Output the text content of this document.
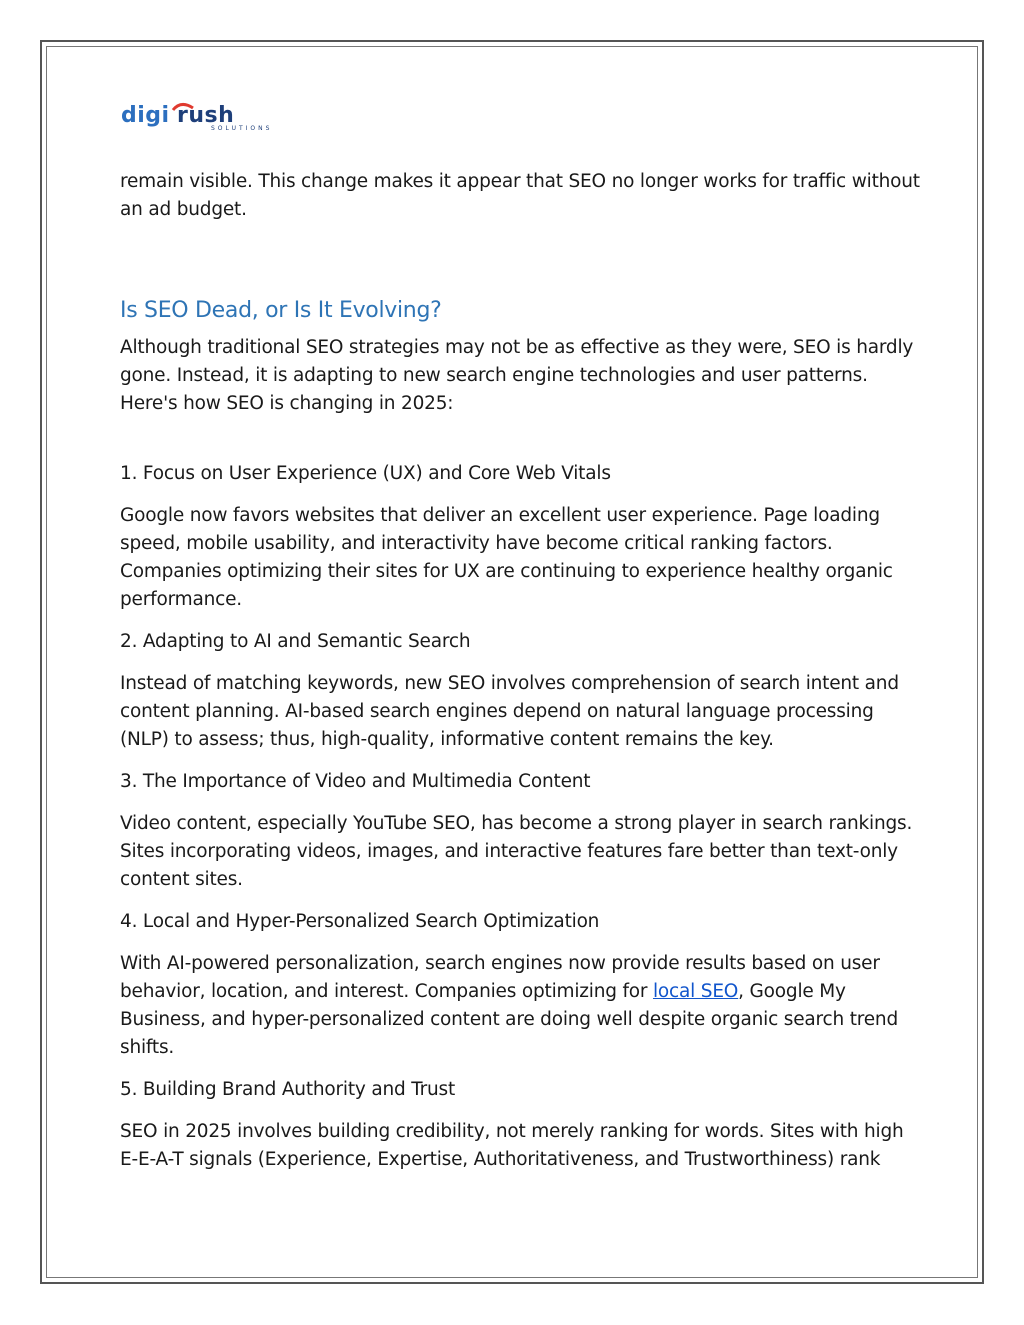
digi rush
SOLUTIONS

remain visible. This change makes it appear that SEO no longer works for traffic without an ad budget.

Is SEO Dead, or Is It Evolving?

Although traditional SEO strategies may not be as effective as they were, SEO is hardly gone. Instead, it is adapting to new search engine technologies and user patterns. Here's how SEO is changing in 2025:

1. Focus on User Experience (UX) and Core Web Vitals

Google now favors websites that deliver an excellent user experience. Page loading speed, mobile usability, and interactivity have become critical ranking factors. Companies optimizing their sites for UX are continuing to experience healthy organic performance.

2. Adapting to AI and Semantic Search

Instead of matching keywords, new SEO involves comprehension of search intent and content planning. AI-based search engines depend on natural language processing (NLP) to assess; thus, high-quality, informative content remains the key.

3. The Importance of Video and Multimedia Content

Video content, especially YouTube SEO, has become a strong player in search rankings. Sites incorporating videos, images, and interactive features fare better than text-only content sites.

4. Local and Hyper-Personalized Search Optimization

With AI-powered personalization, search engines now provide results based on user behavior, location, and interest. Companies optimizing for local SEO, Google My Business, and hyper-personalized content are doing well despite organic search trend shifts.

5. Building Brand Authority and Trust

SEO in 2025 involves building credibility, not merely ranking for words. Sites with high E-E-A-T signals (Experience, Expertise, Authoritativeness, and Trustworthiness) rank
